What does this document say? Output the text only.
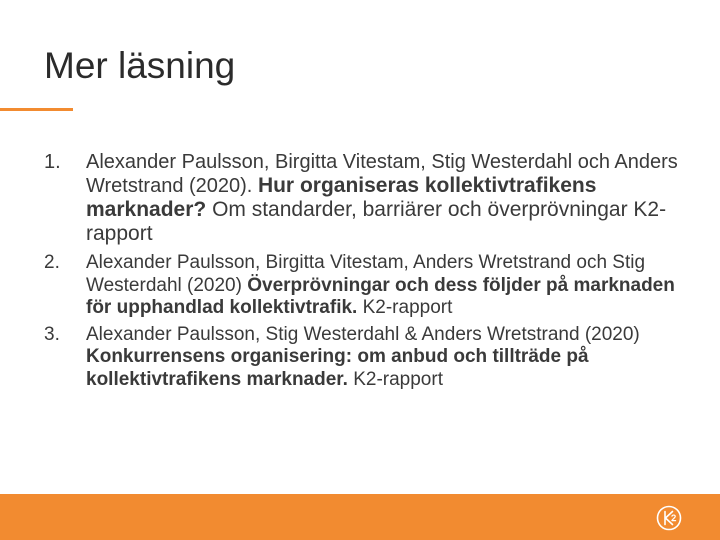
Mer läsning
1. Alexander Paulsson, Birgitta Vitestam, Stig Westerdahl och Anders Wretstrand (2020). Hur organiseras kollektivtrafikens marknader? Om standarder, barriärer och överprövningar K2-rapport
2. Alexander Paulsson, Birgitta Vitestam, Anders Wretstrand och Stig Westerdahl (2020) Överprövningar och dess följder på marknaden för upphandlad kollektivtrafik. K2-rapport
3. Alexander Paulsson, Stig Westerdahl & Anders Wretstrand (2020) Konkurrensens organisering: om anbud och tillträde på kollektivtrafikens marknader. K2-rapport
